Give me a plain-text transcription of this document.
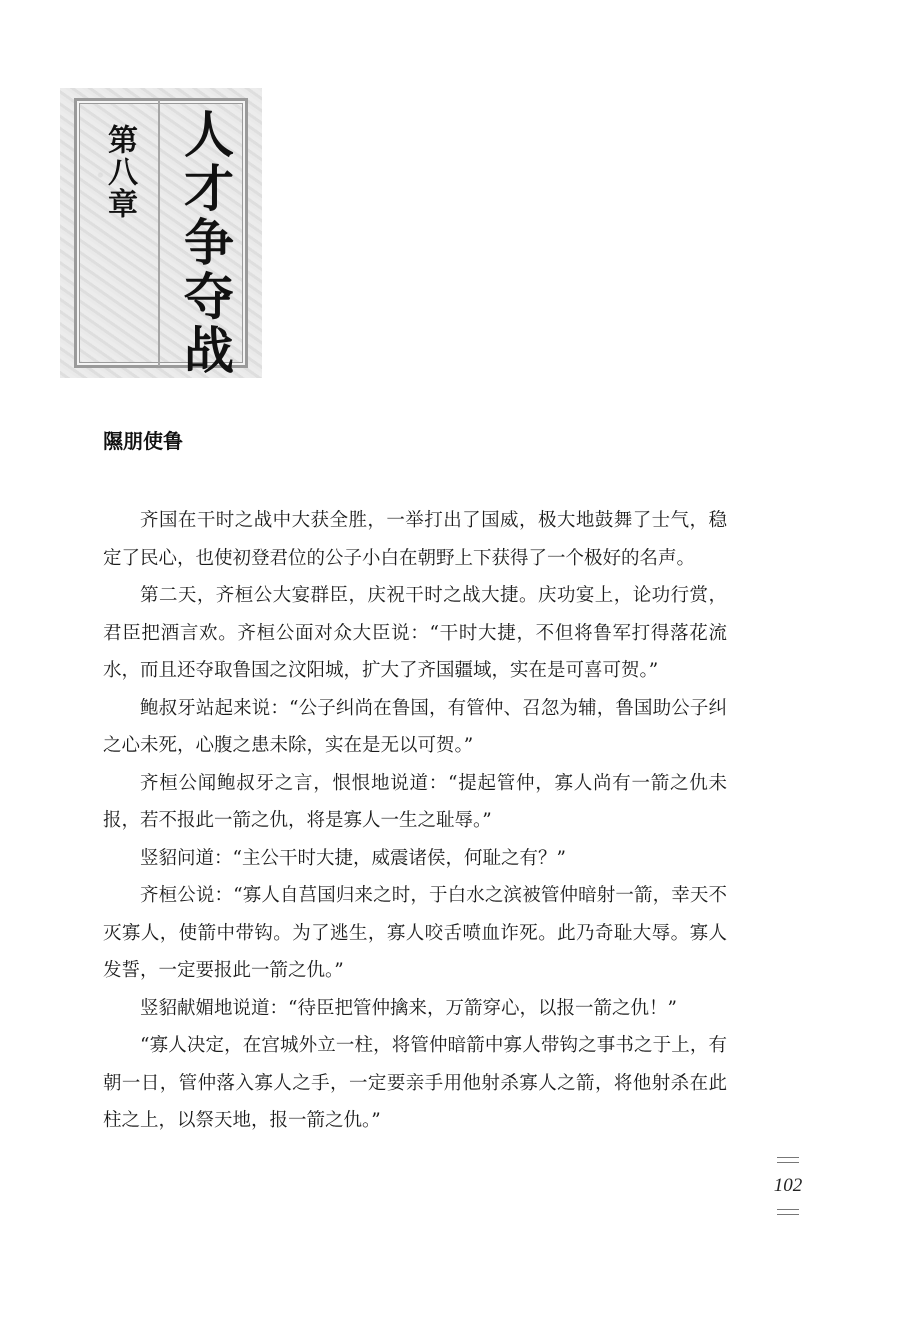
第八章 人才争夺战
隰朋使鲁

齐国在干时之战中大获全胜，一举打出了国威，极大地鼓舞了士气，稳定了民心，也使初登君位的公子小白在朝野上下获得了一个极好的名声。

第二天，齐桓公大宴群臣，庆祝干时之战大捷。庆功宴上，论功行赏，君臣把酒言欢。齐桓公面对众大臣说：“干时大捷，不但将鲁军打得落花流水，而且还夺取鲁国之汶阳城，扩大了齐国疆域，实在是可喜可贺。”

鲍叔牙站起来说：“公子纠尚在鲁国，有管仲、召忽为辅，鲁国助公子纠之心未死，心腹之患未除，实在是无以可贺。”

齐桓公闻鲍叔牙之言，恨恨地说道：“提起管仲，寡人尚有一箭之仇未报，若不报此一箭之仇，将是寡人一生之耻辱。”

竖貂问道：“主公干时大捷，威震诸侯，何耻之有？”

齐桓公说：“寡人自莒国归来之时，于白水之滨被管仲暗射一箭，幸天不灭寡人，使箭中带钩。为了逃生，寡人咬舌喷血诈死。此乃奇耻大辱。寡人发誓，一定要报此一箭之仇。”

竖貂献媚地说道：“待臣把管仲擒来，万箭穿心，以报一箭之仇！”

“寡人决定，在宫城外立一柱，将管仲暗箭中寡人带钩之事书之于上，有朝一日，管仲落入寡人之手，一定要亲手用他射杀寡人之箭，将他射杀在此柱之上，以祭天地，报一箭之仇。”

102
